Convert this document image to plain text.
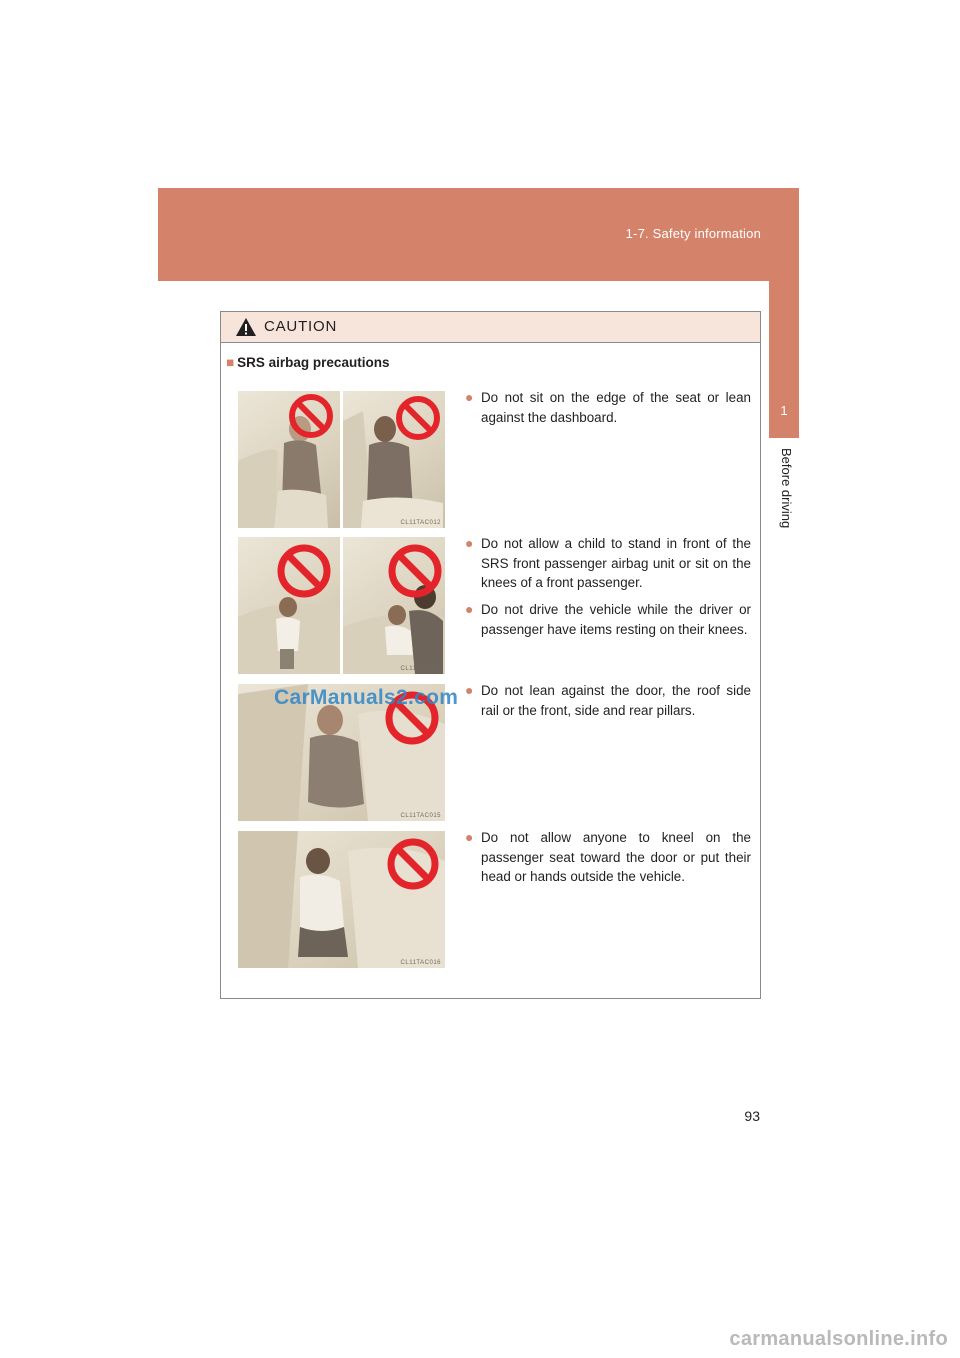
1-7. Safety information
1
Before driving
CAUTION
■ SRS airbag precautions
CL11TAC012
CL11TAC013
CL11TAC015
CL11TAC016
● Do not sit on the edge of the seat or lean against the dashboard.
● Do not allow a child to stand in front of the SRS front passenger airbag unit or sit on the knees of a front passenger.
● Do not drive the vehicle while the driver or passenger have items resting on their knees.
● Do not lean against the door, the roof side rail or the front, side and rear pillars.
● Do not allow anyone to kneel on the passenger seat toward the door or put their head or hands outside the vehicle.
CarManuals2.com
93
carmanualsonline.info
